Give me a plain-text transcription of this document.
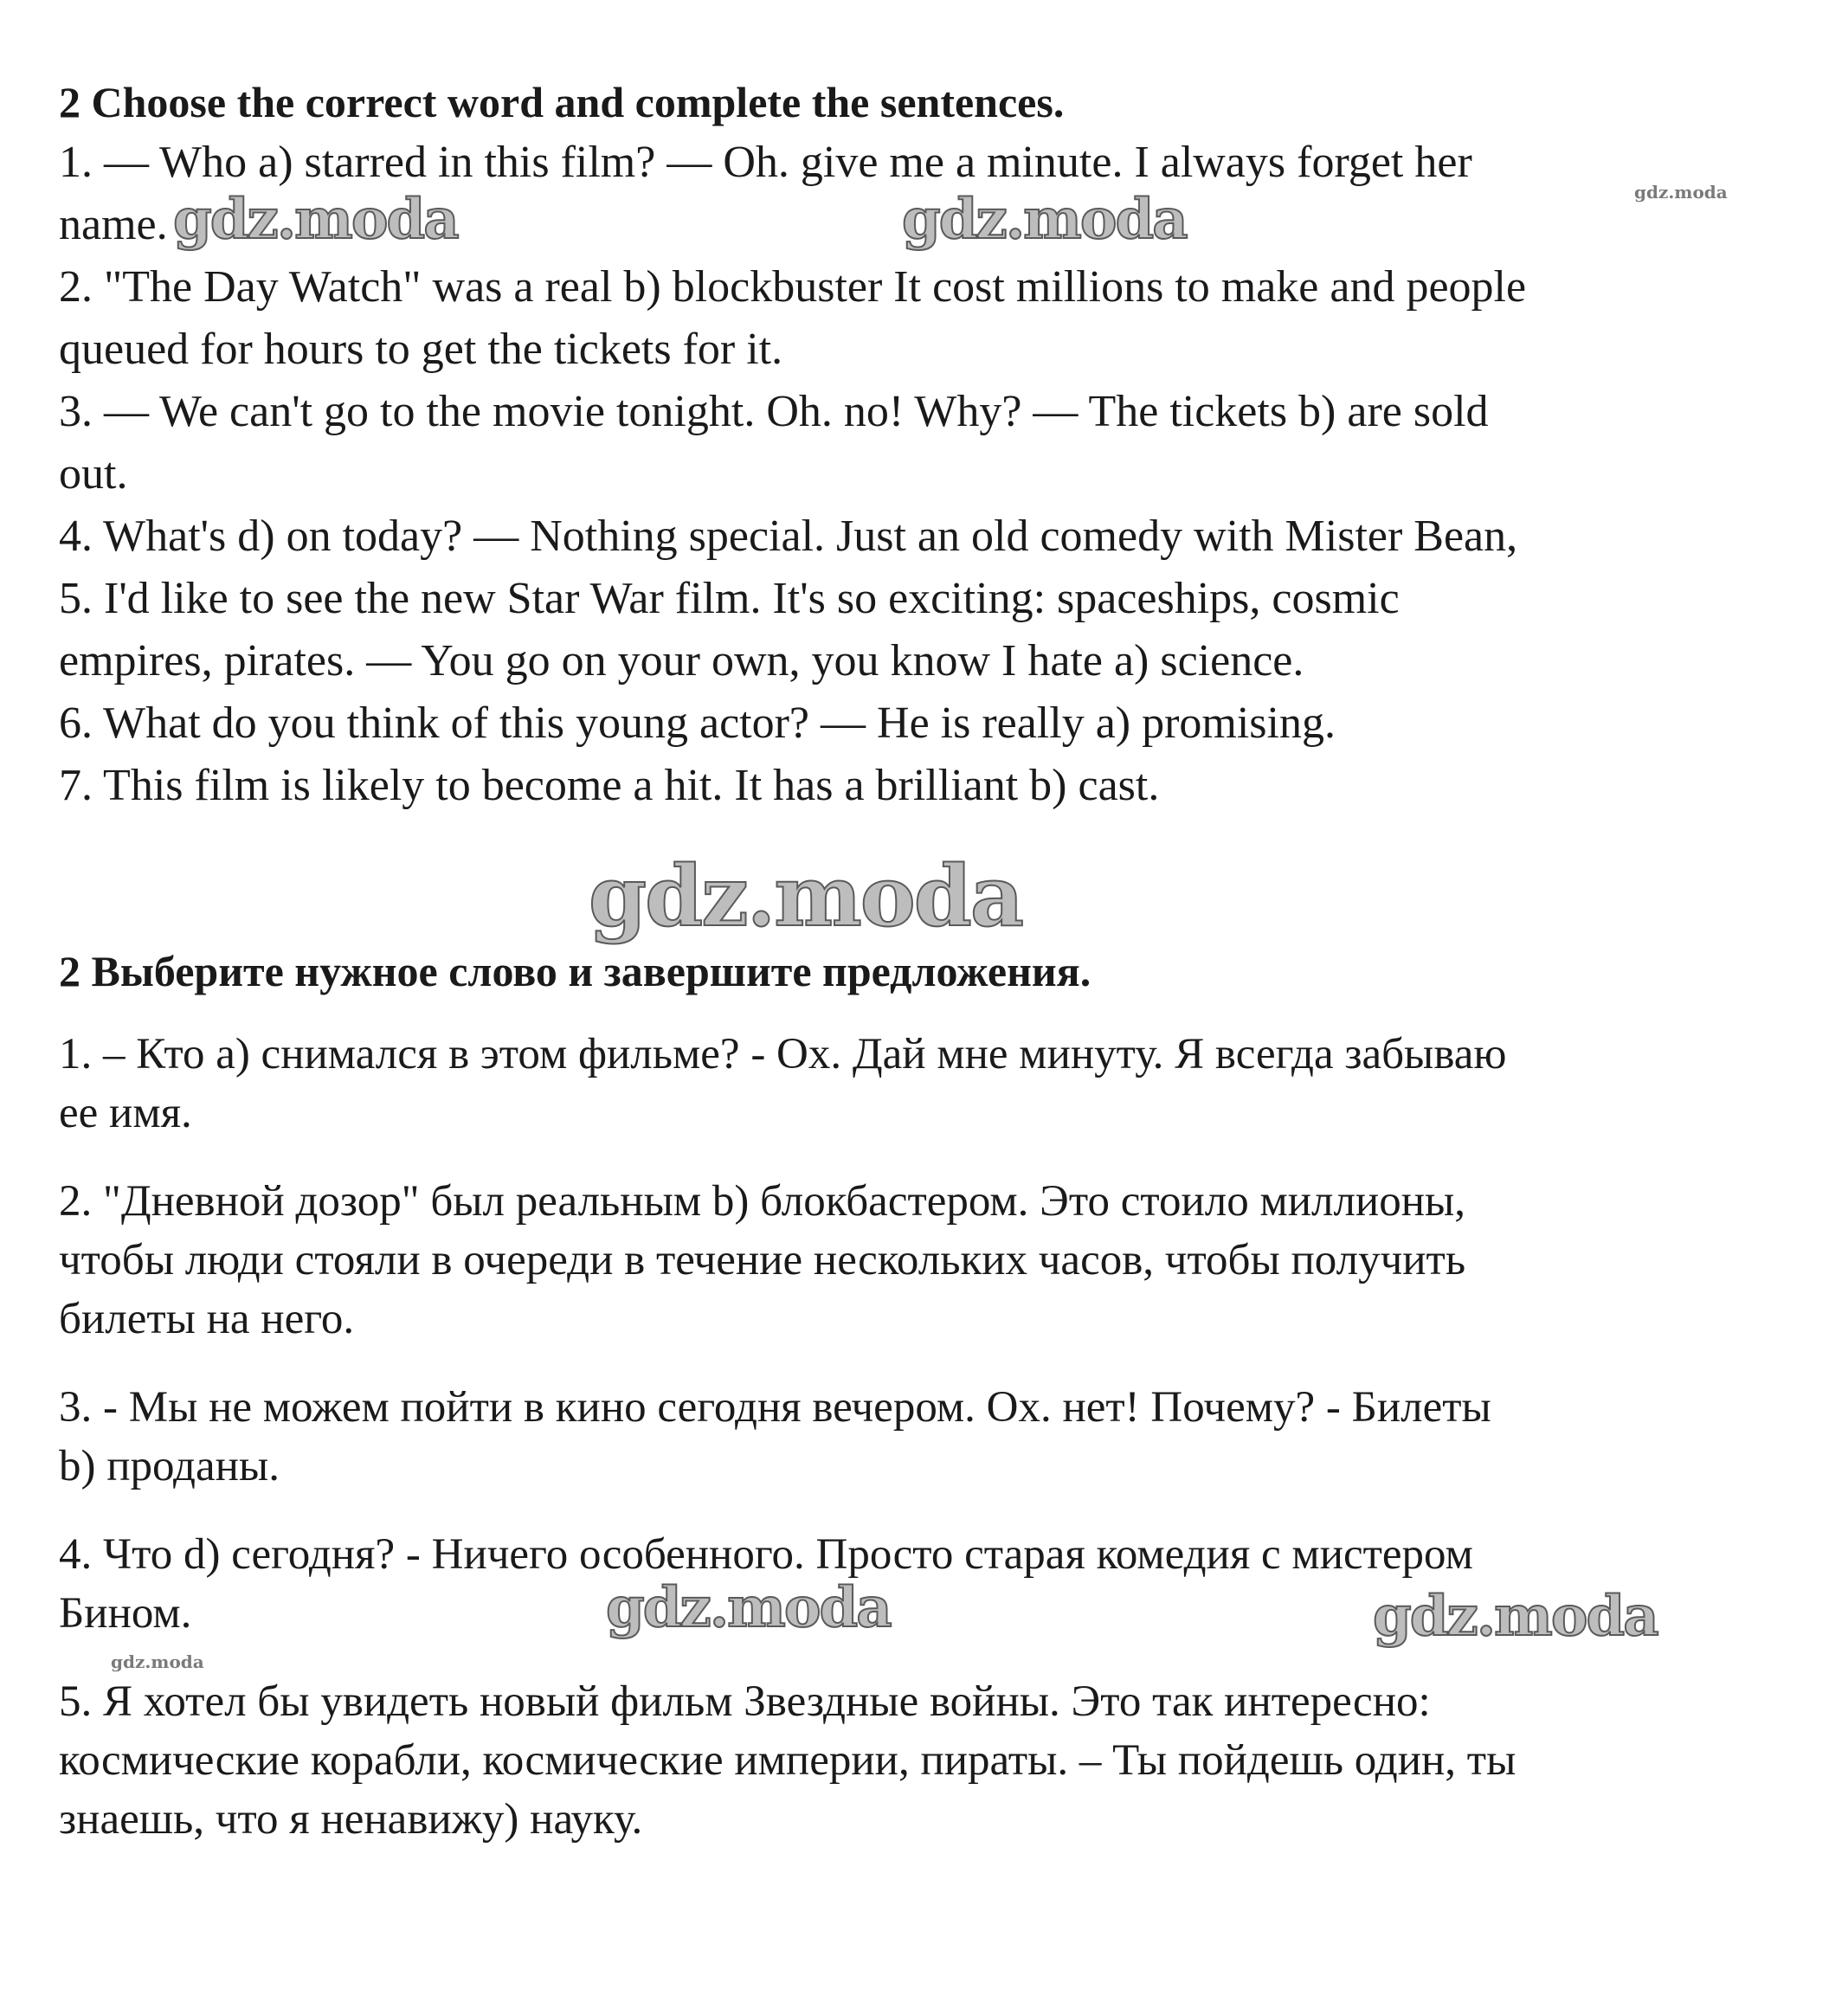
2 Choose the correct word and complete the sentences.
1. — Who a) starred in this film? — Oh. give me a minute. I always forget her
name.
2. "The Day Watch" was a real b) blockbuster It cost millions to make and people
queued for hours to get the tickets for it.
3. — We can't go to the movie tonight. Oh. no! Why? — The tickets b) are sold
out.
4. What's d) on today? — Nothing special. Just an old comedy with Mister Bean,
5. I'd like to see the new Star War film. It's so exciting: spaceships, cosmic
empires, pirates. — You go on your own, you know I hate a) science.
6. What do you think of this young actor? — He is really a) promising.
7. This film is likely to become a hit. It has a brilliant b) cast.
2 Выберите нужное слово и завершите предложения.
1. – Кто а) снимался в этом фильме? - Ох. Дай мне минуту. Я всегда забываю
ее имя.
2. "Дневной дозор" был реальным b) блокбастером. Это стоило миллионы,
чтобы люди стояли в очереди в течение нескольких часов, чтобы получить
билеты на него.
3. - Мы не можем пойти в кино сегодня вечером. Ох. нет! Почему? - Билеты
b) проданы.
4. Что d) сегодня? - Ничего особенного. Просто старая комедия с мистером
Бином.
5. Я хотел бы увидеть новый фильм Звездные войны. Это так интересно:
космические корабли, космические империи, пираты. – Ты пойдешь один, ты
знаешь, что я ненавижу) науку.
gdz.moda	gdz.moda	gdz.moda
gdz.moda
gdz.moda	gdz.moda
gdz.moda
